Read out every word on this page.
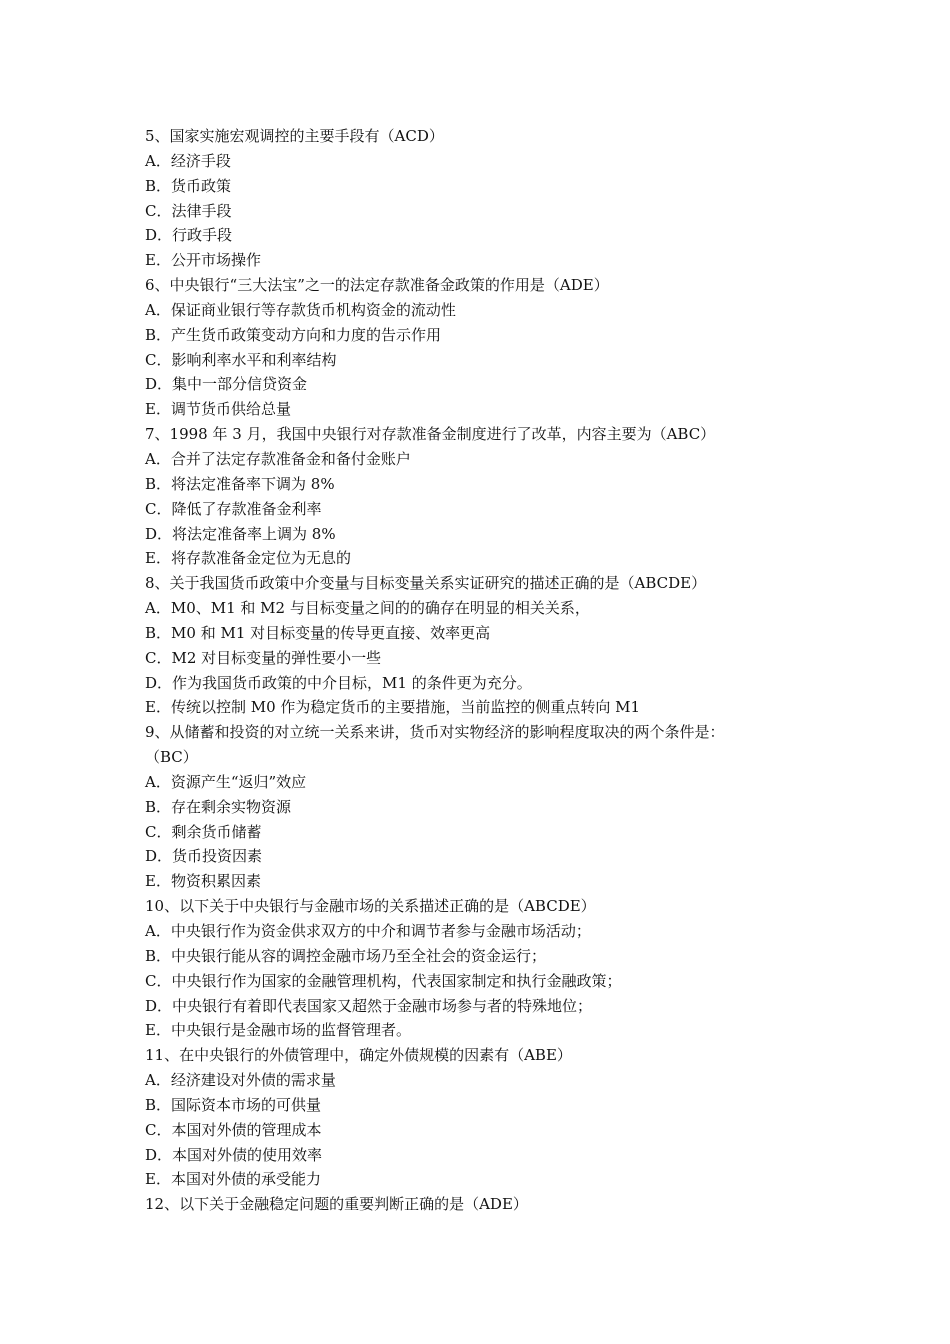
5、国家实施宏观调控的主要手段有（ACD）
A．经济手段
B．货币政策
C．法律手段
D．行政手段
E．公开市场操作
6、中央银行“三大法宝”之一的法定存款准备金政策的作用是（ADE）
A．保证商业银行等存款货币机构资金的流动性
B．产生货币政策变动方向和力度的告示作用
C．影响利率水平和利率结构
D．集中一部分信贷资金
E．调节货币供给总量
7、1998 年 3 月，我国中央银行对存款准备金制度进行了改革，内容主要为（ABC）
A．合并了法定存款准备金和备付金账户
B．将法定准备率下调为 8%
C．降低了存款准备金利率
D．将法定准备率上调为 8%
E．将存款准备金定位为无息的
8、关于我国货币政策中介变量与目标变量关系实证研究的描述正确的是（ABCDE）
A．M0、M1 和 M2 与目标变量之间的的确存在明显的相关关系，
B．M0 和 M1 对目标变量的传导更直接、效率更高
C．M2 对目标变量的弹性要小一些
D．作为我国货币政策的中介目标，M1 的条件更为充分。
E．传统以控制 M0 作为稳定货币的主要措施，当前监控的侧重点转向 M1
9、从储蓄和投资的对立统一关系来讲，货币对实物经济的影响程度取决的两个条件是：
（BC）
A．资源产生“返归”效应
B．存在剩余实物资源
C．剩余货币储蓄
D．货币投资因素
E．物资积累因素
10、以下关于中央银行与金融市场的关系描述正确的是（ABCDE）
A．中央银行作为资金供求双方的中介和调节者参与金融市场活动；
B．中央银行能从容的调控金融市场乃至全社会的资金运行；
C．中央银行作为国家的金融管理机构，代表国家制定和执行金融政策；
D．中央银行有着即代表国家又超然于金融市场参与者的特殊地位；
E．中央银行是金融市场的监督管理者。
11、在中央银行的外债管理中，确定外债规模的因素有（ABE）
A．经济建设对外债的需求量
B．国际资本市场的可供量
C．本国对外债的管理成本
D．本国对外债的使用效率
E．本国对外债的承受能力
12、以下关于金融稳定问题的重要判断正确的是（ADE）
